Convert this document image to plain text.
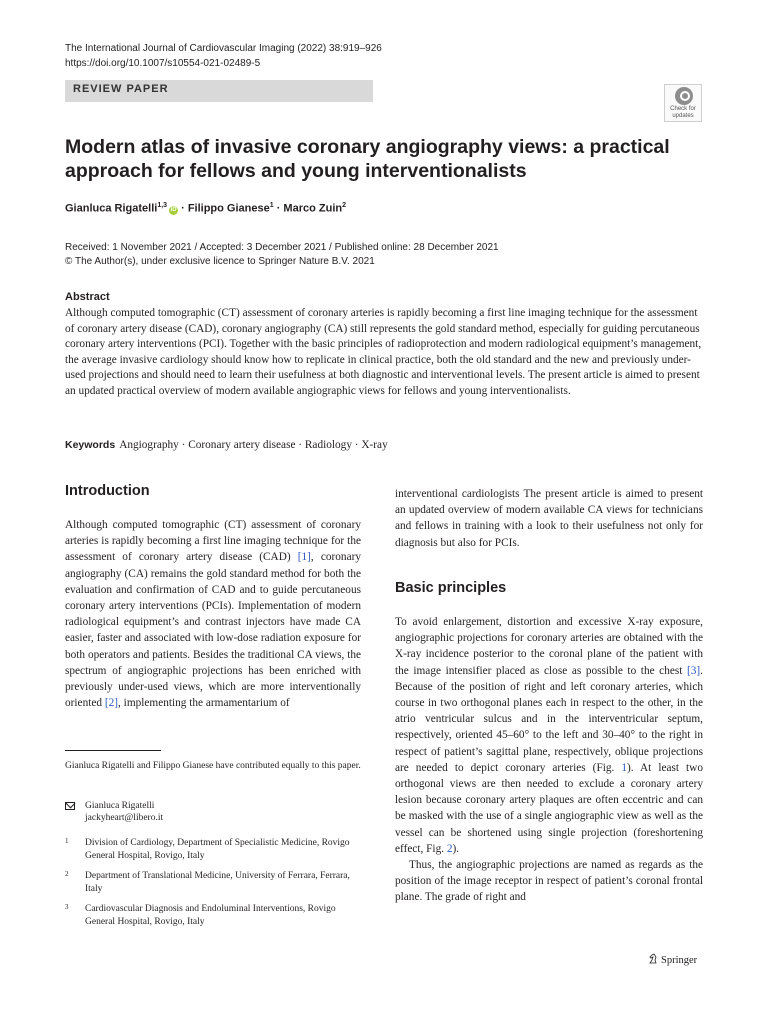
The International Journal of Cardiovascular Imaging (2022) 38:919–926
https://doi.org/10.1007/s10554-021-02489-5
REVIEW PAPER
Check for updates
Modern atlas of invasive coronary angiography views: a practical approach for fellows and young interventionalists
Gianluca Rigatelli$^{1,3}$iD · Filippo Gianese$^1$ · Marco Zuin$^2$
Received: 1 November 2021 / Accepted: 3 December 2021 / Published online: 28 December 2021
© The Author(s), under exclusive licence to Springer Nature B.V. 2021
Abstract

Although computed tomographic (CT) assessment of coronary arteries is rapidly becoming a first line imaging technique for the assessment of coronary artery disease (CAD), coronary angiography (CA) still represents the gold standard method, especially for guiding percutaneous coronary artery interventions (PCI). Together with the basic principles of radioprotection and modern radiological equipment’s management, the average invasive cardiology should know how to replicate in clinical practice, both the old standard and the new and previously under-used projections and should need to learn their usefulness at both diagnostic and interventional levels. The present article is aimed to present an updated practical overview of modern available angiographic views for fellows and young interventionalists.

Keywords Angiography · Coronary artery disease · Radiology · X-ray
Introduction

Although computed tomographic (CT) assessment of coronary arteries is rapidly becoming a first line imaging technique for the assessment of coronary artery disease (CAD) [1], coronary angiography (CA) remains the gold standard method for both the evaluation and confirmation of CAD and to guide percutaneous coronary artery interventions (PCIs). Implementation of modern radiological equipment’s and contrast injectors have made CA easier, faster and associated with low-dose radiation exposure for both operators and patients. Besides the traditional CA views, the spectrum of angiographic projections has been enriched with previously under-used views, which are more interventionally oriented [2], implementing the armamentarium of

Gianluca Rigatelli and Filippo Gianese have contributed equally to this paper.
Gianluca Rigatelli
jackyheart@libero.it
1 Division of Cardiology, Department of Specialistic Medicine, Rovigo General Hospital, Rovigo, Italy
2 Department of Translational Medicine, University of Ferrara, Ferrara, Italy
3 Cardiovascular Diagnosis and Endoluminal Interventions, Rovigo General Hospital, Rovigo, Italy

interventional cardiologists The present article is aimed to present an updated overview of modern available CA views for technicians and fellows in training with a look to their usefulness not only for diagnosis but also for PCIs.

Basic principles

To avoid enlargement, distortion and excessive X-ray exposure, angiographic projections for coronary arteries are obtained with the X-ray incidence posterior to the coronal plane of the patient with the image intensifier placed as close as possible to the chest [3]. Because of the position of right and left coronary arteries, which course in two orthogonal planes each in respect to the other, in the atrio ventricular sulcus and in the interventricular septum, respectively, oriented 45–60° to the left and 30–40° to the right in respect of patient’s sagittal plane, respectively, oblique projections are needed to depict coronary arteries (Fig. 1). At least two orthogonal views are then needed to exclude a coronary artery lesion because coronary artery plaques are often eccentric and can be masked with the use of a single angiographic view as well as the vessel can be shortened using single projection (foreshortening effect, Fig. 2).

Thus, the angiographic projections are named as regards as the position of the image receptor in respect of patient’s coronal frontal plane. The grade of right and

Springer
